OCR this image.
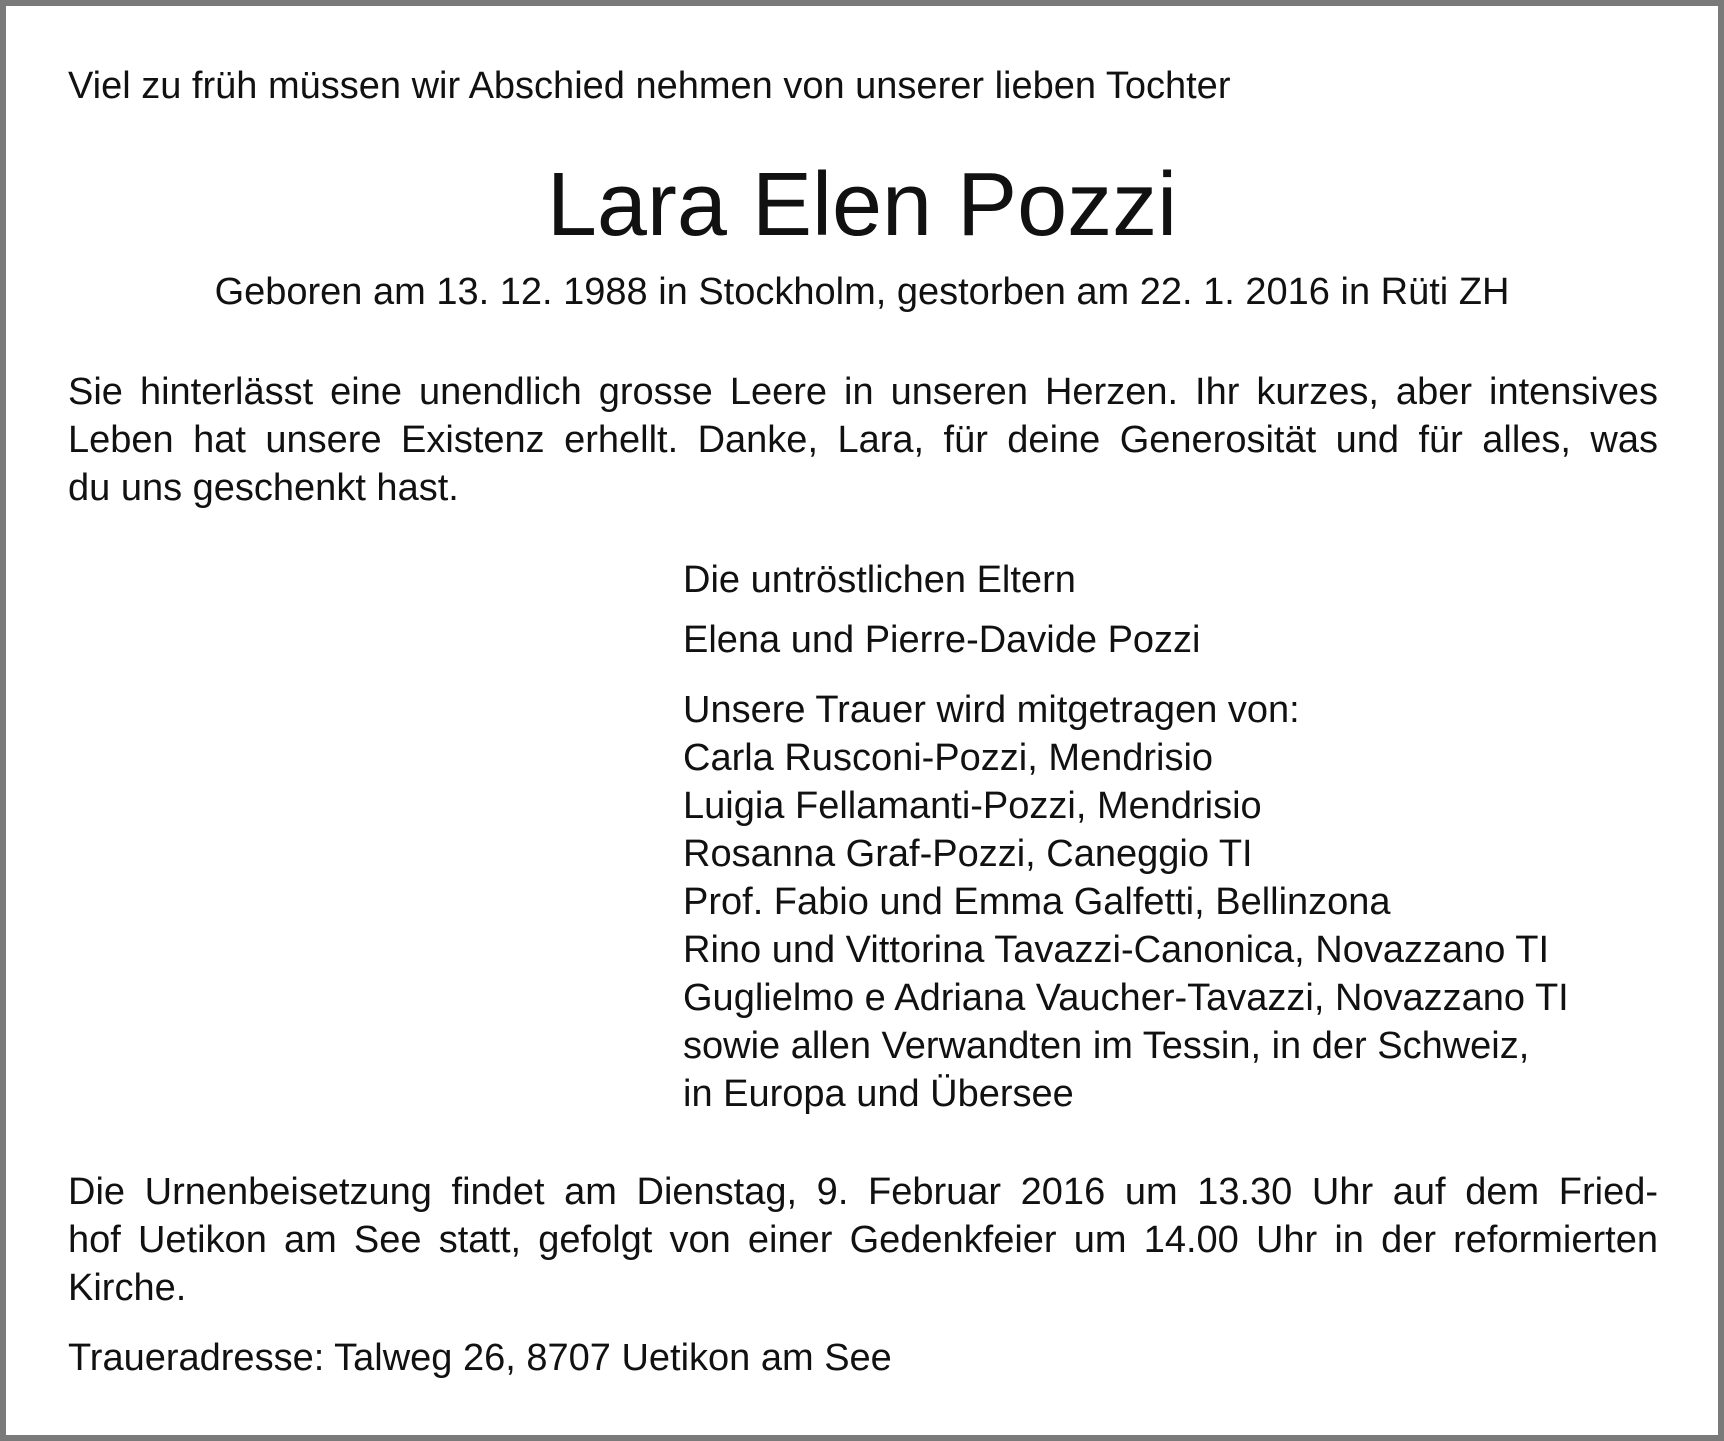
Viel zu früh müssen wir Abschied nehmen von unserer lieben Tochter
Lara Elen Pozzi
Geboren am 13. 12. 1988 in Stockholm, gestorben am 22. 1. 2016 in Rüti ZH
Sie hinterlässt eine unendlich grosse Leere in unseren Herzen. Ihr kurzes, aber intensives
Leben hat unsere Existenz erhellt. Danke, Lara, für deine Generosität und für alles, was
du uns geschenkt hast.
Die untröstlichen Eltern
Elena und Pierre-Davide Pozzi
Unsere Trauer wird mitgetragen von:
Carla Rusconi-Pozzi, Mendrisio
Luigia Fellamanti-Pozzi, Mendrisio
Rosanna Graf-Pozzi, Caneggio TI
Prof. Fabio und Emma Galfetti, Bellinzona
Rino und Vittorina Tavazzi-Canonica, Novazzano TI
Guglielmo e Adriana Vaucher-Tavazzi, Novazzano TI
sowie allen Verwandten im Tessin, in der Schweiz,
in Europa und Übersee
Die Urnenbeisetzung findet am Dienstag, 9. Februar 2016 um 13.30 Uhr auf dem Fried-
hof Uetikon am See statt, gefolgt von einer Gedenkfeier um 14.00 Uhr in der reformierten
Kirche.
Traueradresse: Talweg 26, 8707 Uetikon am See
